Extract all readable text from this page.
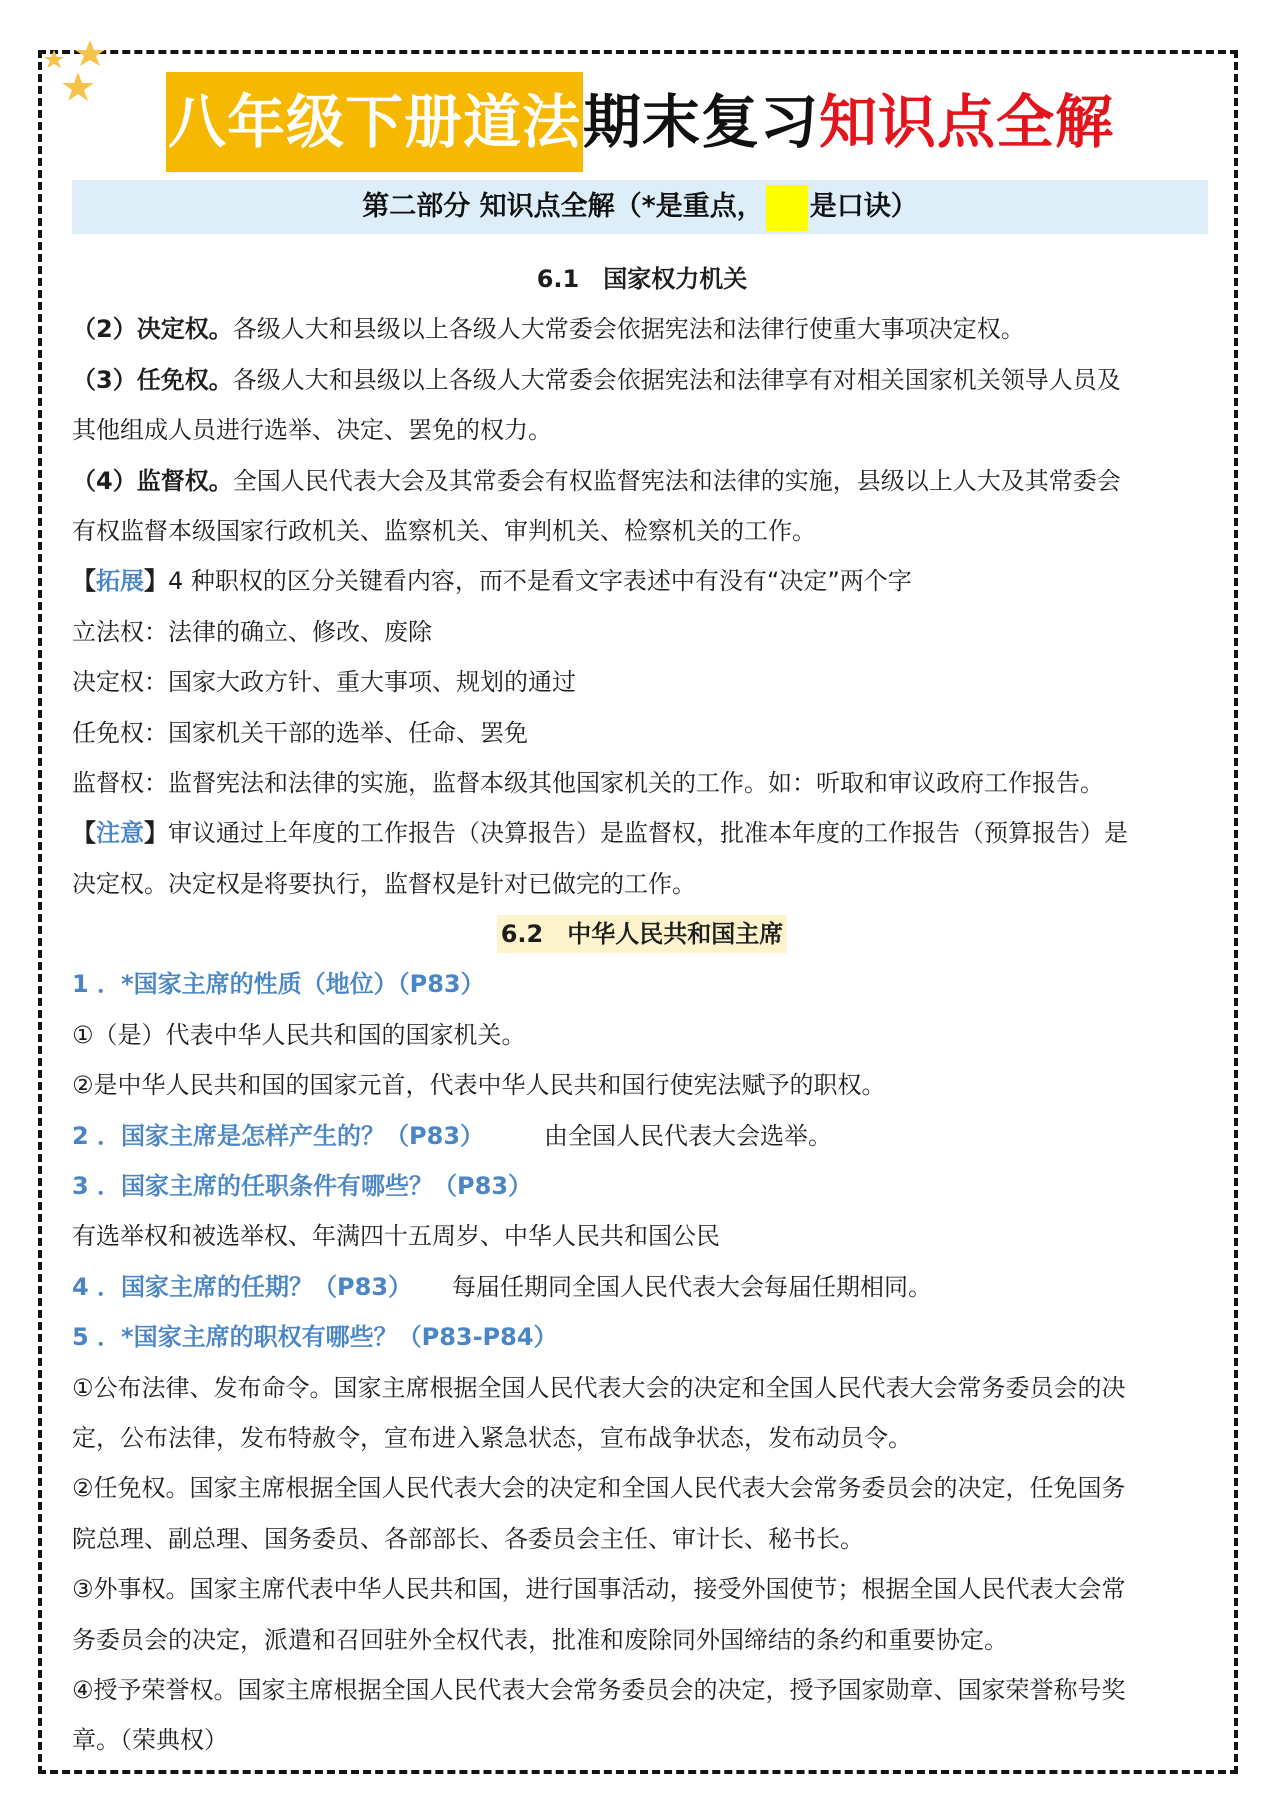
八年级下册道法期末复习知识点全解
第二部分 知识点全解（*是重点， 是口诀）
6.1　国家权力机关
（2）决定权。各级人大和县级以上各级人大常委会依据宪法和法律行使重大事项决定权。
（3）任免权。各级人大和县级以上各级人大常委会依据宪法和法律享有对相关国家机关领导人员及
其他组成人员进行选举、决定、罢免的权力。
（4）监督权。全国人民代表大会及其常委会有权监督宪法和法律的实施，县级以上人大及其常委会
有权监督本级国家行政机关、监察机关、审判机关、检察机关的工作。
【拓展】4 种职权的区分关键看内容，而不是看文字表述中有没有“决定”两个字
立法权：法律的确立、修改、废除
决定权：国家大政方针、重大事项、规划的通过
任免权：国家机关干部的选举、任命、罢免
监督权：监督宪法和法律的实施，监督本级其他国家机关的工作。如：听取和审议政府工作报告。
【注意】审议通过上年度的工作报告（决算报告）是监督权，批准本年度的工作报告（预算报告）是
决定权。决定权是将要执行，监督权是针对已做完的工作。
6.2　中华人民共和国主席
1 ．*国家主席的性质（地位）（P83）
①（是）代表中华人民共和国的国家机关。
②是中华人民共和国的国家元首，代表中华人民共和国行使宪法赋予的职权。
2 ．国家主席是怎样产生的？（P83）	由全国人民代表大会选举。
3 ．国家主席的任职条件有哪些？（P83）
有选举权和被选举权、年满四十五周岁、中华人民共和国公民
4 ．国家主席的任期？（P83） 每届任期同全国人民代表大会每届任期相同。
5 ．*国家主席的职权有哪些？（P83-P84）
①公布法律、发布命令。国家主席根据全国人民代表大会的决定和全国人民代表大会常务委员会的决
定，公布法律，发布特赦令，宣布进入紧急状态，宣布战争状态，发布动员令。
②任免权。国家主席根据全国人民代表大会的决定和全国人民代表大会常务委员会的决定，任免国务
院总理、副总理、国务委员、各部部长、各委员会主任、审计长、秘书长。
③外事权。国家主席代表中华人民共和国，进行国事活动，接受外国使节；根据全国人民代表大会常
务委员会的决定，派遣和召回驻外全权代表，批准和废除同外国缔结的条约和重要协定。
④授予荣誉权。国家主席根据全国人民代表大会常务委员会的决定，授予国家勋章、国家荣誉称号奖
章。（荣典权）
